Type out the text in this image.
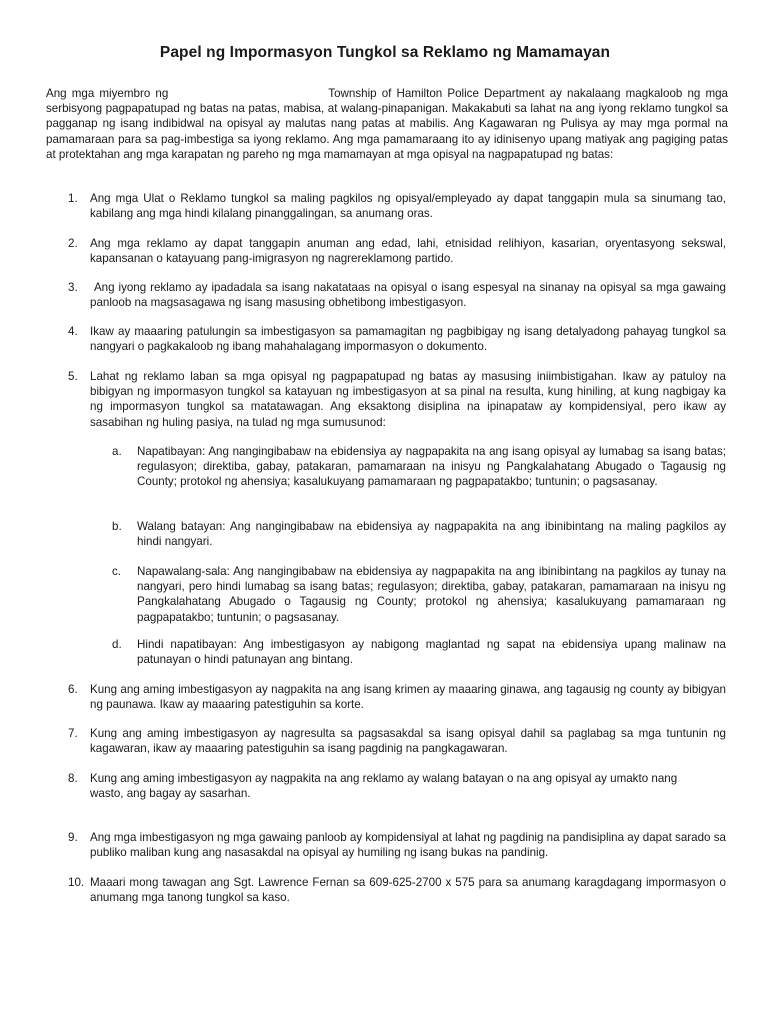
Papel ng Impormasyon Tungkol sa Reklamo ng Mamamayan
Ang mga miyembro ng	Township of Hamilton Police Department ay nakalaang magkaloob ng mga serbisyong pagpapatupad ng batas na patas, mabisa, at walang-pinapanigan. Makakabuti sa lahat na ang iyong reklamo tungkol sa pagganap ng isang indibidwal na opisyal ay malutas nang patas at mabilis. Ang Kagawaran ng Pulisya ay may mga pormal na pamamaraan para sa pag-imbestiga sa iyong reklamo. Ang mga pamamaraang ito ay idinisenyo upang matiyak ang pagiging patas at protektahan ang mga karapatan ng pareho ng mga mamamayan at mga opisyal na nagpapatupad ng batas:
1.	Ang mga Ulat o Reklamo tungkol sa maling pagkilos ng opisyal/empleyado ay dapat tanggapin mula sa sinumang tao, kabilang ang mga hindi kilalang pinanggalingan, sa anumang oras.
2.	Ang mga reklamo ay dapat tanggapin anuman ang edad, lahi, etnisidad relihiyon, kasarian, oryentasyong sekswal, kapansanan o katayuang pang-imigrasyon ng nagrereklamong partido.
3.	Ang iyong reklamo ay ipadadala sa isang nakatataas na opisyal o isang espesyal na sinanay na opisyal sa mga gawaing panloob na magsasagawa ng isang masusing obhetibong imbestigasyon.
4.	Ikaw ay maaaring patulungin sa imbestigasyon sa pamamagitan ng pagbibigay ng isang detalyadong pahayag tungkol sa nangyari o pagkakaloob ng ibang mahahalagang impormasyon o dokumento.
5.	Lahat ng reklamo laban sa mga opisyal ng pagpapatupad ng batas ay masusing iniimbistigahan. Ikaw ay patuloy na bibigyan ng impormasyon tungkol sa katayuan ng imbestigasyon at sa pinal na resulta, kung hiniling, at kung nagbigay ka ng impormasyon tungkol sa matatawagan. Ang eksaktong disiplina na ipinapataw ay kompidensiyal, pero ikaw ay sasabihan ng huling pasiya, na tulad ng mga sumusunod:
a.	Napatibayan: Ang nangingibabaw na ebidensiya ay nagpapakita na ang isang opisyal ay lumabag sa isang batas; regulasyon; direktiba, gabay, patakaran, pamamaraan na inisyu ng Pangkalahatang Abugado o Tagausig ng County; protokol ng ahensiya; kasalukuyang pamamaraan ng pagpapatakbo; tuntunin; o pagsasanay.
b.	Walang batayan: Ang nangingibabaw na ebidensiya ay nagpapakita na ang ibinibintang na maling pagkilos ay hindi nangyari.
c.	Napawalang-sala: Ang nangingibabaw na ebidensiya ay nagpapakita na ang ibinibintang na pagkilos ay tunay na nangyari, pero hindi lumabag sa isang batas; regulasyon; direktiba, gabay, patakaran, pamamaraan na inisyu ng Pangkalahatang Abugado o Tagausig ng County; protokol ng ahensiya; kasalukuyang pamamaraan ng pagpapatakbo; tuntunin; o pagsasanay.
d.	Hindi napatibayan: Ang imbestigasyon ay nabigong maglantad ng sapat na ebidensiya upang malinaw na patunayan o hindi patunayan ang bintang.
6.	Kung ang aming imbestigasyon ay nagpakita na ang isang krimen ay maaaring ginawa, ang tagausig ng county ay bibigyan ng paunawa. Ikaw ay maaaring patestiguhin sa korte.
7.	Kung ang aming imbestigasyon ay nagresulta sa pagsasakdal sa isang opisyal dahil sa paglabag sa mga tuntunin ng kagawaran, ikaw ay maaaring patestiguhin sa isang pagdinig na pangkagawaran.
8.	Kung ang aming imbestigasyon ay nagpakita na ang reklamo ay walang batayan o na ang opisyal ay umakto nang
wasto, ang bagay ay sasarhan.
9.	Ang mga imbestigasyon ng mga gawaing panloob ay kompidensiyal at lahat ng pagdinig na pandisiplina ay dapat sarado sa publiko maliban kung ang nasasakdal na opisyal ay humiling ng isang bukas na pandinig.
10. Maaari mong tawagan ang Sgt. Lawrence Fernan sa 609-625-2700 x 575 para sa anumang karagdagang impormasyon o anumang mga tanong tungkol sa kaso.
